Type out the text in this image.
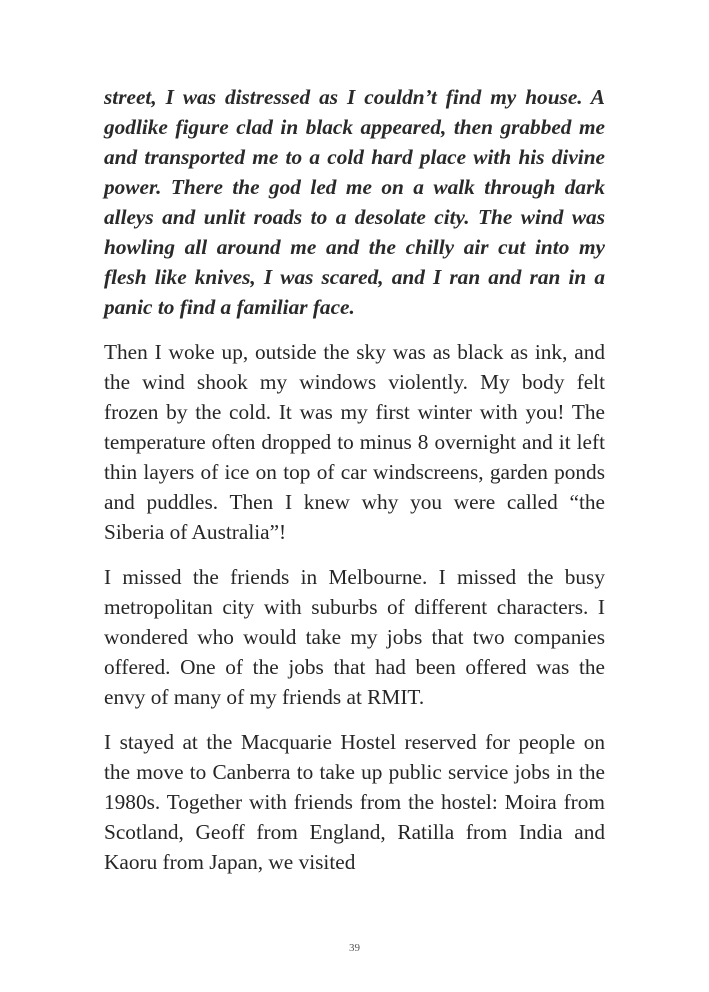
street, I was distressed as I couldn’t find my house. A godlike figure clad in black appeared, then grabbed me and transported me to a cold hard place with his divine power. There the god led me on a walk through dark alleys and unlit roads to a desolate city. The wind was howling all around me and the chilly air cut into my flesh like knives, I was scared, and I ran and ran in a panic to find a familiar face.

Then I woke up, outside the sky was as black as ink, and the wind shook my windows violently. My body felt frozen by the cold. It was my first winter with you! The temperature often dropped to minus 8 overnight and it left thin layers of ice on top of car windscreens, garden ponds and puddles. Then I knew why you were called “the Siberia of Australia”!

I missed the friends in Melbourne. I missed the busy metropolitan city with suburbs of different characters. I wondered who would take my jobs that two companies offered. One of the jobs that had been offered was the envy of many of my friends at RMIT.

I stayed at the Macquarie Hostel reserved for people on the move to Canberra to take up public service jobs in the 1980s. Together with friends from the hostel: Moira from Scotland, Geoff from England, Ratilla from India and Kaoru from Japan, we visited

39
